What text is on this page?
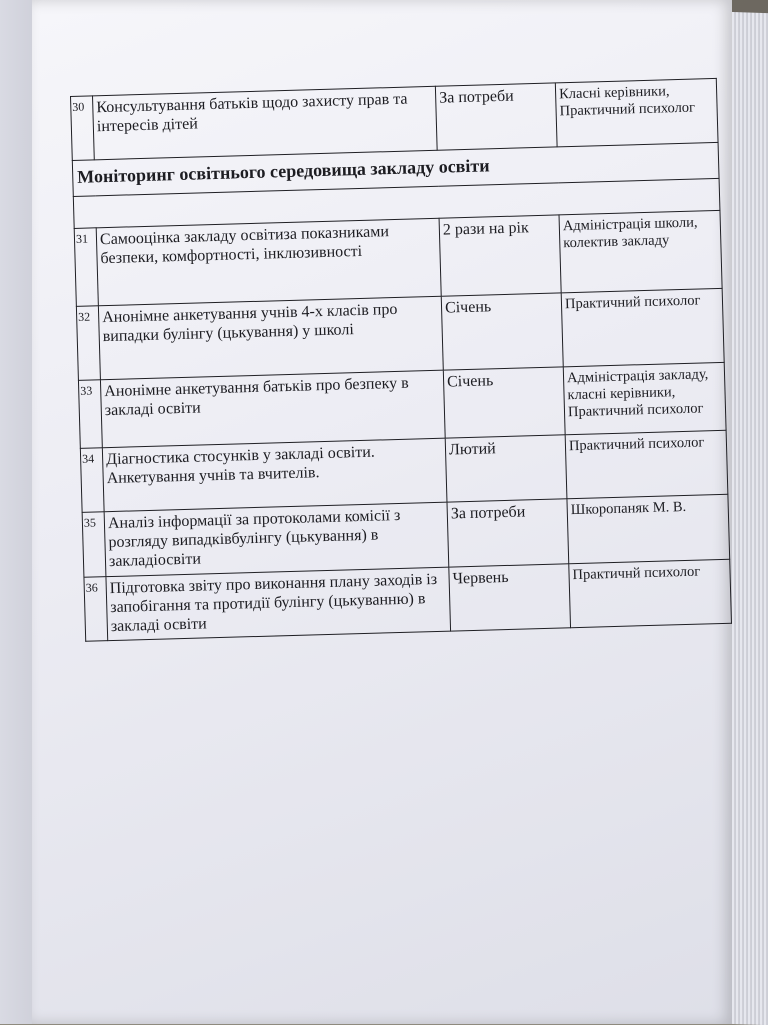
30	Консультування батьків щодо захисту прав та інтересів дітей	За потреби	Класні керівники, Практичний психолог
Моніторинг освітнього середовища закладу освіти			

31	Самооцінка закладу освітиза показниками безпеки, комфортності, інклюзивності	2 рази на рік	Адміністрація школи, колектив закладу
32	Анонімне анкетування учнів 4-х класів про випадки булінгу (цькування) у школі	Січень	Практичний психолог
33	Анонімне анкетування батьків про безпеку в закладі освіти	Січень	Адміністрація закладу, класні керівники, Практичний психолог
34	Діагностика стосунків у закладі освіти. Анкетування учнів та вчителів.	Лютий	Практичний психолог
35	Аналіз інформації за протоколами комісії з розгляду випадківбулінгу (цькування) в закладіосвіти	За потреби	Шкоропаняк М. В.
36	Підготовка звіту про виконання плану заходів із запобігання та протидії булінгу (цькуванню) в закладі освіти	Червень	Практичнй психолог
